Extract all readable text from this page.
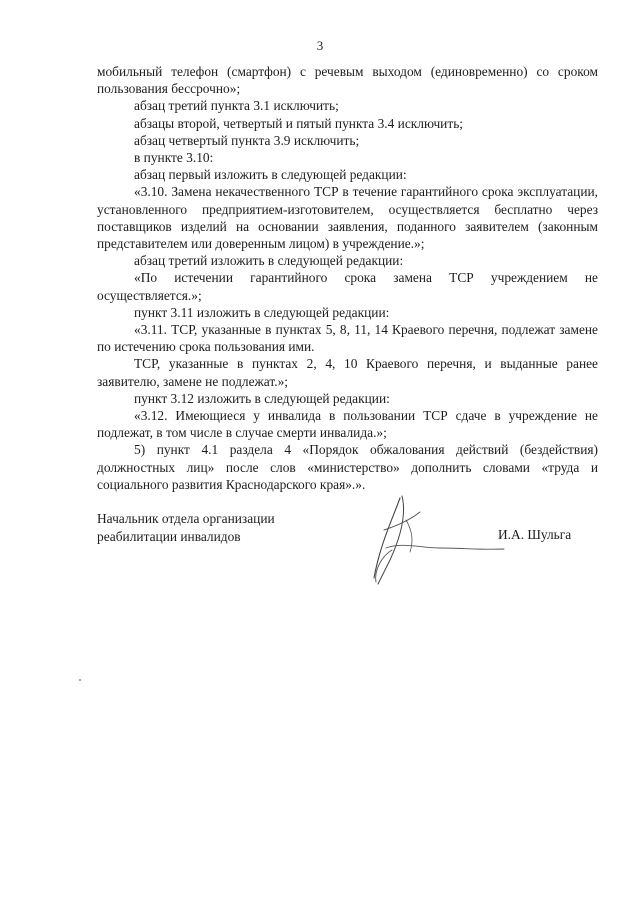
3

мобильный телефон (смартфон) с речевым выходом (единовременно) со сроком пользования бессрочно»;

абзац третий пункта 3.1 исключить;

абзацы второй, четвертый и пятый пункта 3.4 исключить;

абзац четвертый пункта 3.9 исключить;

в пункте 3.10:

абзац первый изложить в следующей редакции:

«3.10. Замена некачественного ТСР в течение гарантийного срока эксплуатации, установленного предприятием-изготовителем, осуществляется бесплатно через поставщиков изделий на основании заявления, поданного заявителем (законным представителем или доверенным лицом) в учреждение.»;

абзац третий изложить в следующей редакции:

«По истечении гарантийного срока замена ТСР учреждением не осуществляется.»;

пункт 3.11 изложить в следующей редакции:

«3.11. ТСР, указанные в пунктах 5, 8, 11, 14 Краевого перечня, подлежат замене по истечению срока пользования ими.

ТСР, указанные в пунктах 2, 4, 10 Краевого перечня, и выданные ранее заявителю, замене не подлежат.»;

пункт 3.12 изложить в следующей редакции:

«3.12. Имеющиеся у инвалида в пользовании ТСР сдаче в учреждение не подлежат, в том числе в случае смерти инвалида.»;

5) пункт 4.1 раздела 4 «Порядок обжалования действий (бездействия) должностных лиц» после слов «министерство» дополнить словами «труда и социального развития Краснодарского края».».

Начальник отдела организации
реабилитации инвалидов	И.А. Шульга
